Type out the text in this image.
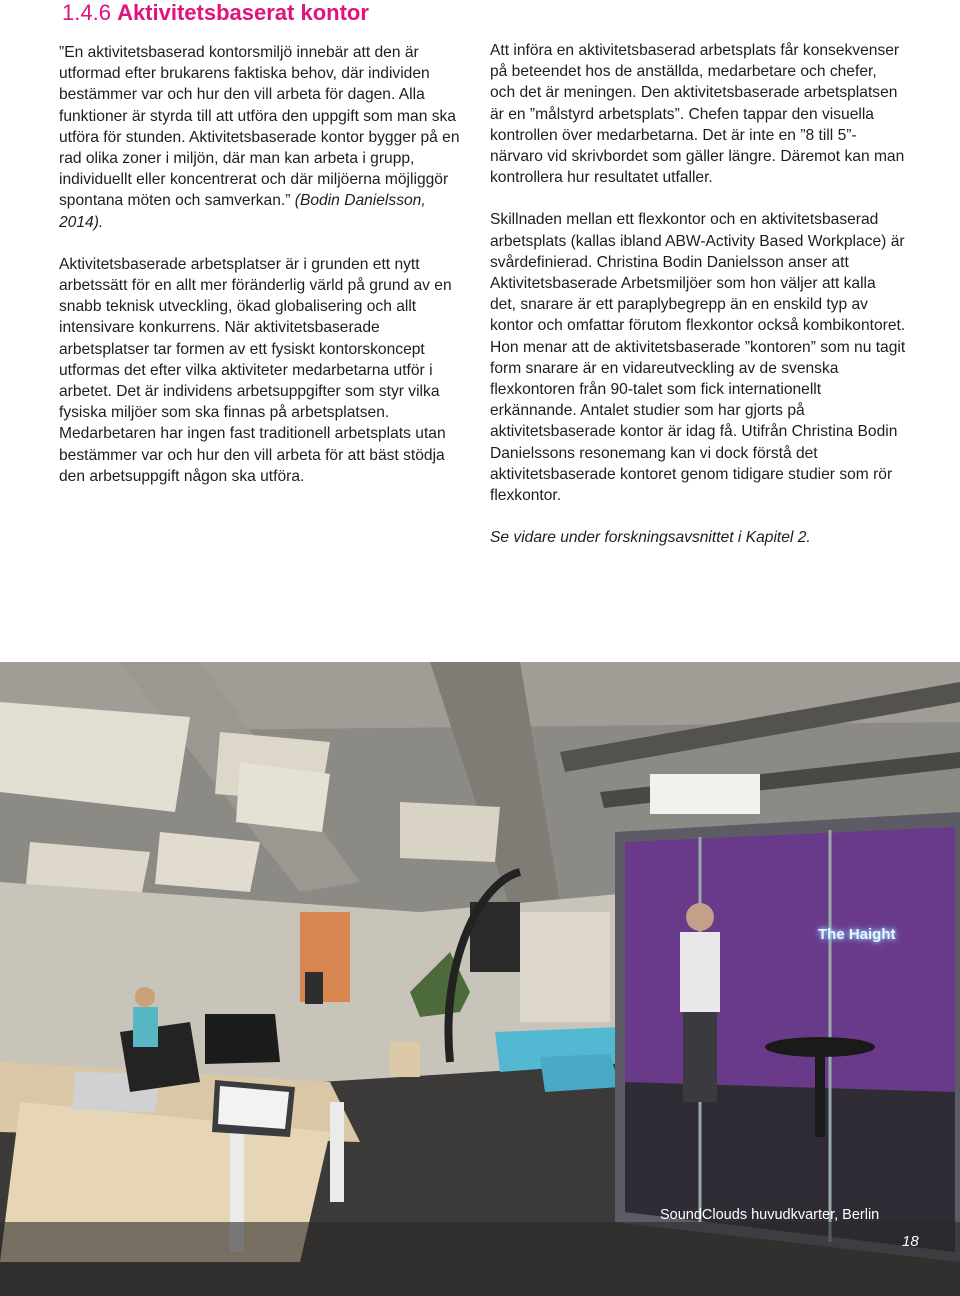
1.4.6 Aktivitetsbaserat kontor

”En aktivitetsbaserad kontorsmiljö innebär att den är utformad efter brukarens faktiska behov, där individen bestämmer var och hur den vill arbeta för dagen. Alla funktioner är styrda till att utföra den uppgift som man ska utföra för stunden. Aktivitetsbaserade kontor bygger på en rad olika zoner i miljön, där man kan arbeta i grupp, individuellt eller koncentrerat och där miljöerna möjliggör spontana möten och samverkan.” (Bodin Danielsson, 2014).

Aktivitetsbaserade arbetsplatser är i grunden ett nytt arbetssätt för en allt mer föränderlig värld på grund av en snabb teknisk utveckling, ökad globalisering och allt intensivare konkurrens. När aktivitetsbaserade arbetsplatser tar formen av ett fysiskt kontorskoncept utformas det efter vilka aktiviteter medarbetarna utför i arbetet. Det är individens arbetsuppgifter som styr vilka fysiska miljöer som ska finnas på arbetsplatsen. Medarbetaren har ingen fast traditionell arbetsplats utan bestämmer var och hur den vill arbeta för att bäst stödja den arbetsuppgift någon ska utföra.

Att införa en aktivitetsbaserad arbetsplats får konsekvenser på beteendet hos de anställda, medarbetare och chefer, och det är meningen. Den aktivitetsbaserade arbetsplatsen är en ”målstyrd arbetsplats”. Chefen tappar den visuella kontrollen över medarbetarna. Det är inte en ”8 till 5”- närvaro vid skrivbordet som gäller längre. Däremot kan man kontrollera hur resultatet utfaller.

Skillnaden mellan ett flexkontor och en aktivitetsbaserad arbetsplats (kallas ibland ABW-Activity Based Workplace) är svårdefinierad. Christina Bodin Danielsson anser att Aktivitetsbaserade Arbetsmiljöer som hon väljer att kalla det, snarare är ett paraplybegrepp än en enskild typ av kontor och omfattar förutom flexkontor också kombikontoret. Hon menar att de aktivitetsbaserade ”kontoren” som nu tagit form snarare är en vidareutveckling av de svenska flexkontoren från 90-talet som fick internationellt erkännande. Antalet studier som har gjorts på aktivitetsbaserade kontor är idag få. Utifrån Christina Bodin Danielssons resonemang kan vi dock förstå det aktivitetsbaserade kontoret genom tidigare studier som rör flexkontor.

Se vidare under forskningsavsnittet i Kapitel 2.

The Haight
SoundClouds huvudkvarter, Berlin
18
